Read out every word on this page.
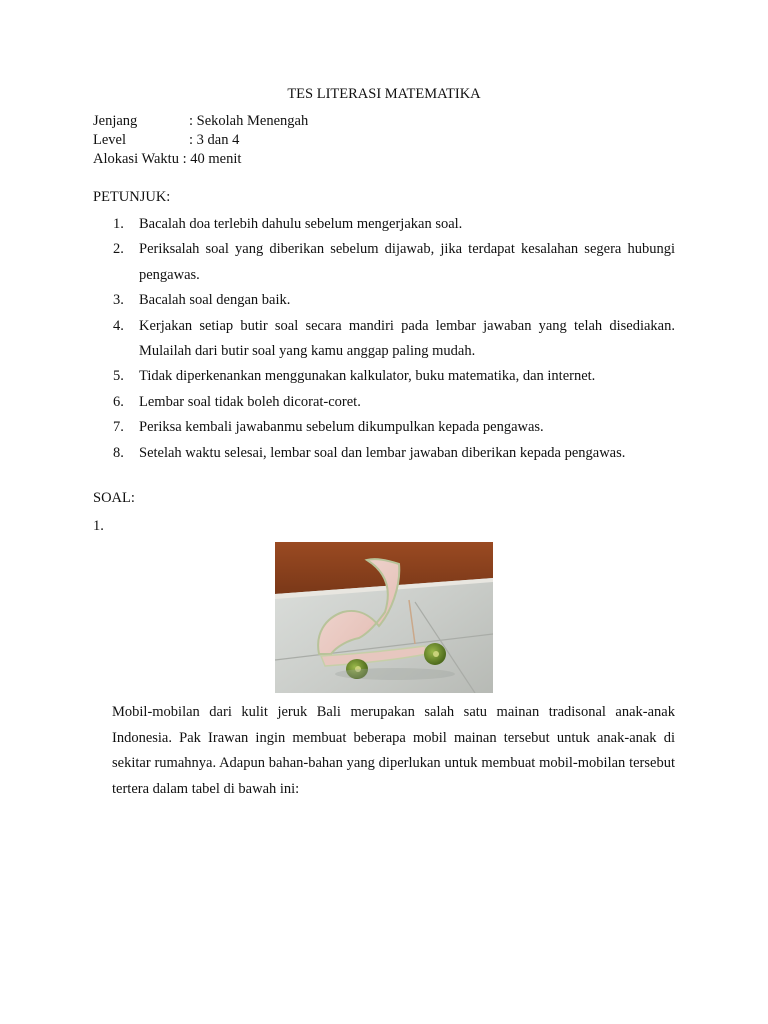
TES LITERASI MATEMATIKA
Jenjang	: Sekolah Menengah
Level	: 3 dan 4
Alokasi Waktu : 40 menit
PETUNJUK:
1. Bacalah doa terlebih dahulu sebelum mengerjakan soal.
2. Periksalah soal yang diberikan sebelum dijawab, jika terdapat kesalahan segera hubungi pengawas.
3. Bacalah soal dengan baik.
4. Kerjakan setiap butir soal secara mandiri pada lembar jawaban yang telah disediakan. Mulailah dari butir soal yang kamu anggap paling mudah.
5. Tidak diperkenankan menggunakan kalkulator, buku matematika, dan internet.
6. Lembar soal tidak boleh dicorat-coret.
7. Periksa kembali jawabanmu sebelum dikumpulkan kepada pengawas.
8. Setelah waktu selesai, lembar soal dan lembar jawaban diberikan kepada pengawas.
SOAL:
1.

Mobil-mobilan dari kulit jeruk Bali merupakan salah satu mainan tradisonal anak-anak Indonesia. Pak Irawan ingin membuat beberapa mobil mainan tersebut untuk anak-anak di sekitar rumahnya. Adapun bahan-bahan yang diperlukan untuk membuat mobil-mobilan tersebut tertera dalam tabel di bawah ini:
